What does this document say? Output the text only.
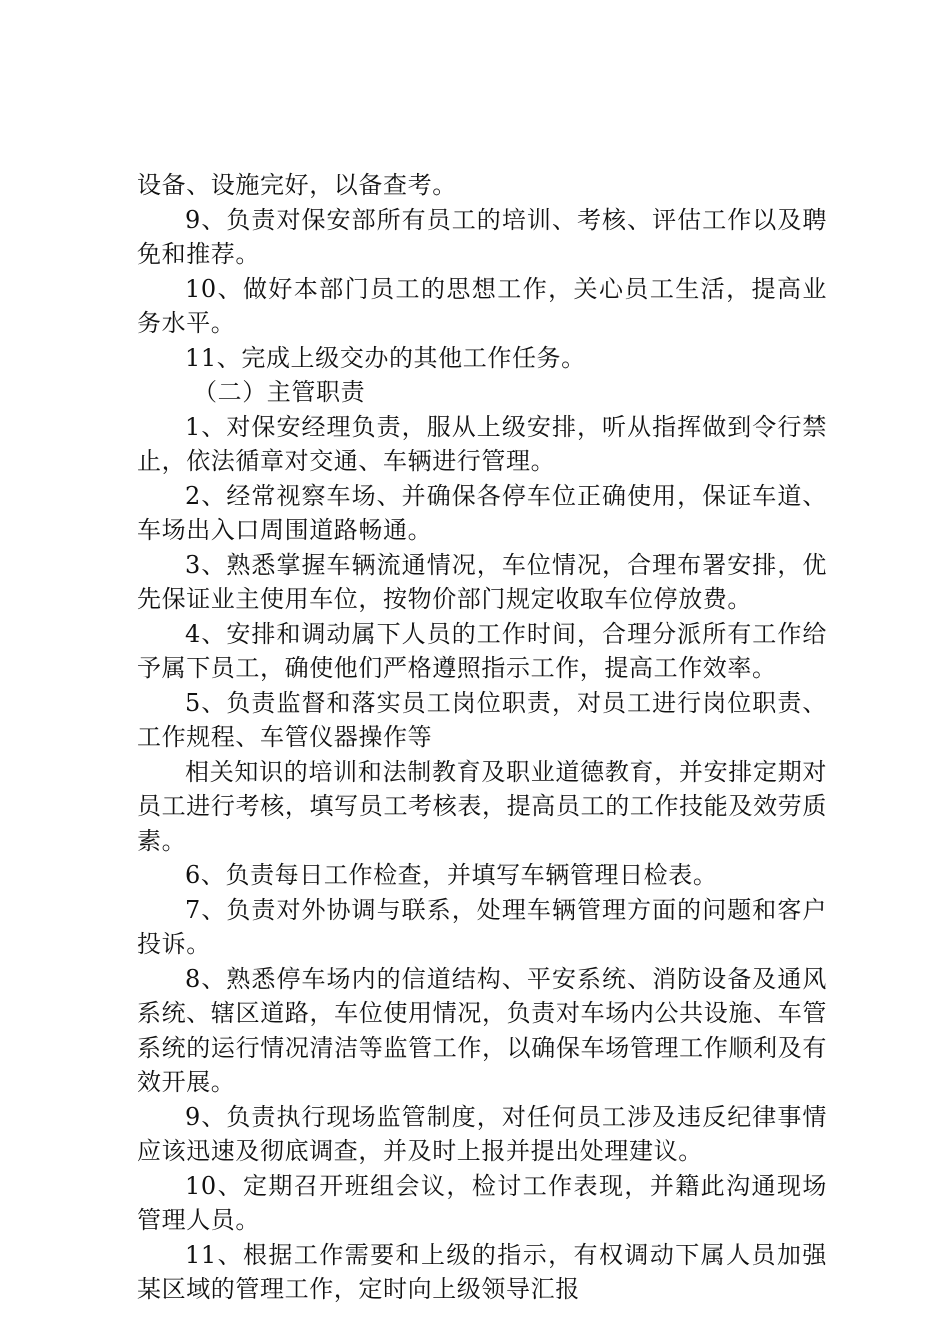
设备、设施完好，以备查考。

9、负责对保安部所有员工的培训、考核、评估工作以及聘免和推荐。

10、做好本部门员工的思想工作，关心员工生活，提高业务水平。

11、完成上级交办的其他工作任务。

（二）主管职责

1、对保安经理负责，服从上级安排，听从指挥做到令行禁止，依法循章对交通、车辆进行管理。

2、经常视察车场、并确保各停车位正确使用，保证车道、车场出入口周围道路畅通。

3、熟悉掌握车辆流通情况，车位情况，合理布署安排，优先保证业主使用车位，按物价部门规定收取车位停放费。

4、安排和调动属下人员的工作时间，合理分派所有工作给予属下员工，确使他们严格遵照指示工作，提高工作效率。

5、负责监督和落实员工岗位职责，对员工进行岗位职责、工作规程、车管仪器操作等

相关知识的培训和法制教育及职业道德教育，并安排定期对员工进行考核，填写员工考核表，提高员工的工作技能及效劳质素。

6、负责每日工作检查，并填写车辆管理日检表。

7、负责对外协调与联系，处理车辆管理方面的问题和客户投诉。

8、熟悉停车场内的信道结构、平安系统、消防设备及通风系统、辖区道路，车位使用情况，负责对车场内公共设施、车管系统的运行情况清洁等监管工作，以确保车场管理工作顺利及有效开展。

9、负责执行现场监管制度，对任何员工涉及违反纪律事情应该迅速及彻底调查，并及时上报并提出处理建议。

10、定期召开班组会议，检讨工作表现，并籍此沟通现场管理人员。

11、根据工作需要和上级的指示，有权调动下属人员加强某区域的管理工作，定时向上级领导汇报
